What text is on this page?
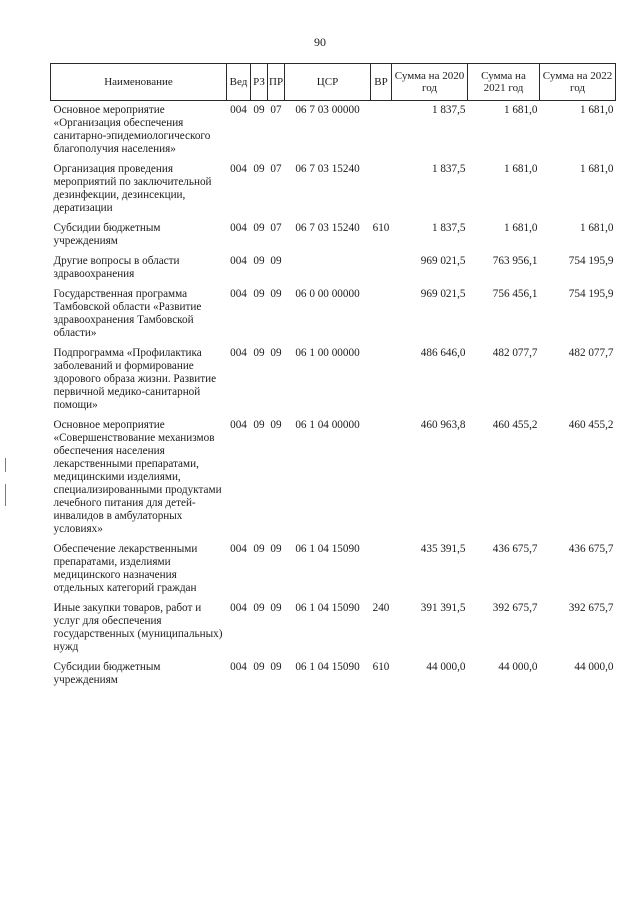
90
Наименование	Вед	РЗ	ПР	ЦСР	ВР	Сумма на 2020 год	Сумма на 2021 год	Сумма на 2022 год
Основное мероприятие «Организация обеспечения санитарно-эпидемиологического благополучия населения»	004	09	07	06 7 03 00000		1 837,5	1 681,0	1 681,0
Организация проведения мероприятий по заключительной дезинфекции, дезинсекции, дератизации	004	09	07	06 7 03 15240		1 837,5	1 681,0	1 681,0
Субсидии бюджетным учреждениям	004	09	07	06 7 03 15240	610	1 837,5	1 681,0	1 681,0
Другие вопросы в области здравоохранения	004	09	09			969 021,5	763 956,1	754 195,9
Государственная программа Тамбовской области «Развитие здравоохранения Тамбовской области»	004	09	09	06 0 00 00000		969 021,5	756 456,1	754 195,9
Подпрограмма «Профилактика заболеваний и формирование здорового образа жизни. Развитие первичной медико-санитарной помощи»	004	09	09	06 1 00 00000		486 646,0	482 077,7	482 077,7
Основное мероприятие «Совершенствование механизмов обеспечения населения лекарственными препаратами, медицинскими изделиями, специализированными продуктами лечебного питания для детей-инвалидов в амбулаторных условиях»	004	09	09	06 1 04 00000		460 963,8	460 455,2	460 455,2
Обеспечение лекарственными препаратами, изделиями медицинского назначения отдельных категорий граждан	004	09	09	06 1 04 15090		435 391,5	436 675,7	436 675,7
Иные закупки товаров, работ и услуг для обеспечения государственных (муниципальных) нужд	004	09	09	06 1 04 15090	240	391 391,5	392 675,7	392 675,7
Субсидии бюджетным учреждениям	004	09	09	06 1 04 15090	610	44 000,0	44 000,0	44 000,0
